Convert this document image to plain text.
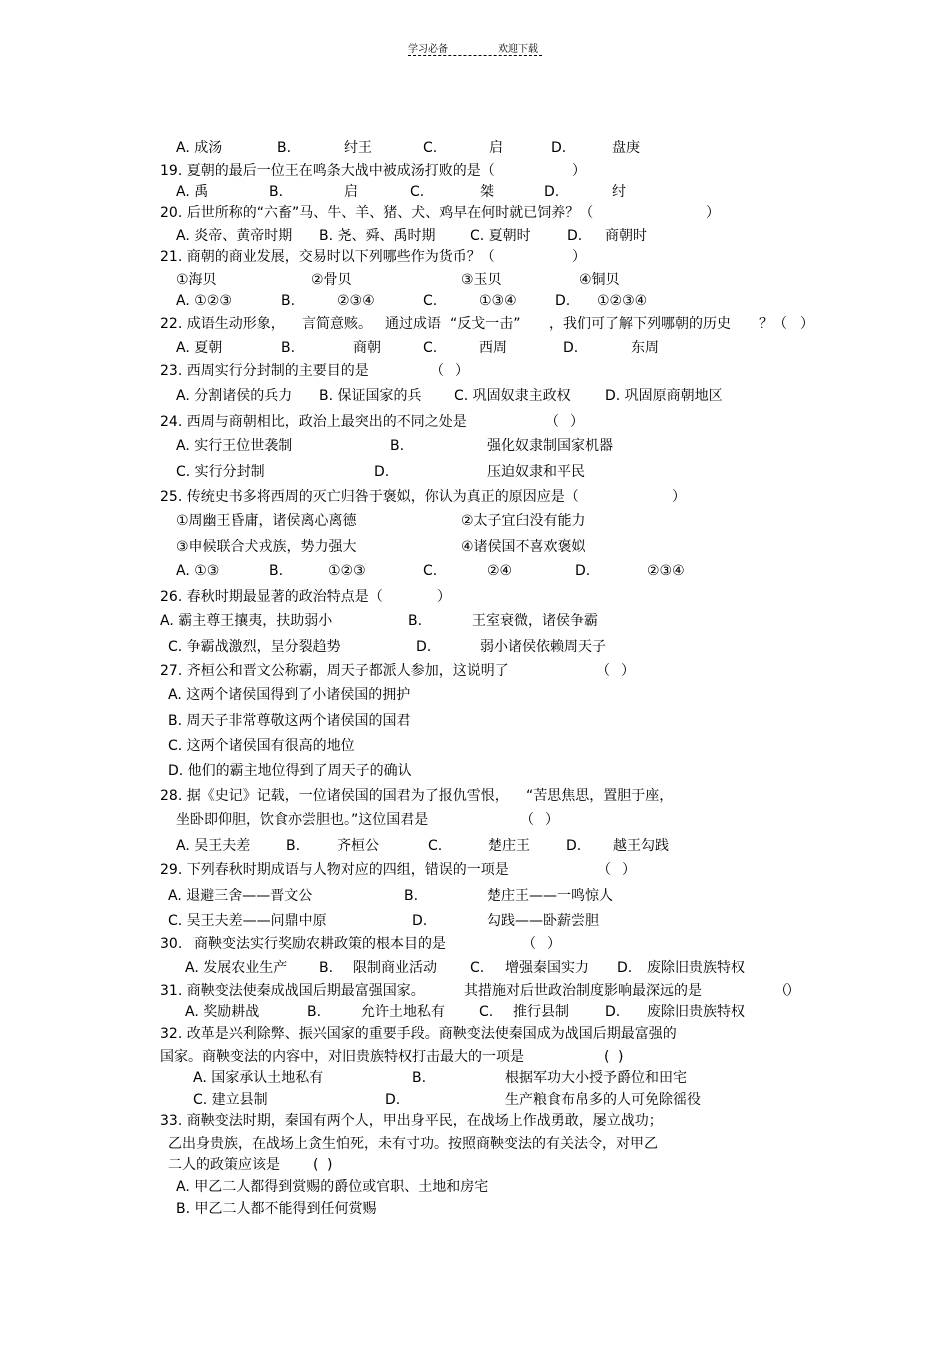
学习必备	欢迎下载
A. 成汤	B.	纣王	C.	启	D.	盘庚
19. 夏朝的最后一位王在鸣条大战中被成汤打败的是（	）
A. 禹	B.	启	C.	桀	D.	纣
20. 后世所称的“六畜”马、牛、羊、猪、犬、鸡早在何时就已饲养？（	）
A. 炎帝、黄帝时期 B. 尧、舜、禹时期 C. 夏朝时	D. 商朝时
21. 商朝的商业发展，交易时以下列哪些作为货币？（	）
①海贝	②骨贝	③玉贝	④铜贝
A. ①②③	B.	②③④	C.	①③④	D. ①②③④
22. 成语生动形象， 言简意赅。 通过成语 “反戈一击” ，我们可了解下列哪朝的历史 ？（ ）
A. 夏朝	B.	商朝	C.	西周	D.	东周
23. 西周实行分封制的主要目的是	（ ）
A. 分割诸侯的兵力 B. 保证国家的兵 C. 巩固奴隶主政权 D. 巩固原商朝地区
24. 西周与商朝相比，政治上最突出的不同之处是	（ ）
A. 实行王位世袭制	B.	强化奴隶制国家机器
C. 实行分封制	D.	压迫奴隶和平民
25. 传统史书多将西周的灭亡归咎于褒姒，你认为真正的原因应是（	）
①周幽王昏庸，诸侯离心离德	②太子宜臼没有能力
③申候联合犬戎族，势力强大	④诸侯国不喜欢褒姒
A. ①③	B.	①②③	C.	②④	D.	②③④
26. 春秋时期最显著的政治特点是（	）
A. 霸主尊王攘夷，扶助弱小	B.	王室衰微，诸侯争霸
C. 争霸战激烈，呈分裂趋势	D.	弱小诸侯依赖周天子
27. 齐桓公和晋文公称霸，周天子都派人参加，这说明了	（ ）
A. 这两个诸侯国得到了小诸侯国的拥护
B. 周天子非常尊敬这两个诸侯国的国君
C. 这两个诸侯国有很高的地位
D. 他们的霸主地位得到了周天子的确认
28. 据《史记》记载，一位诸侯国的国君为了报仇雪恨， “苦思焦思，置胆于座，
坐卧即仰胆，饮食亦尝胆也。”这位国君是	（ ）
A. 吴王夫差	B.	齐桓公	C.	楚庄王	D. 越王勾践
29. 下列春秋时期成语与人物对应的四组，错误的一项是	（ ）
A. 退避三舍——晋文公	B.	楚庄王——一鸣惊人
C. 吴王夫差——问鼎中原	D.	勾践——卧薪尝胆
30. 商鞅变法实行奖励农耕政策的根本目的是	（ ）
A. 发展农业生产 B. 限制商业活动 C. 增强秦国实力 D. 废除旧贵族特权
31. 商鞅变法使秦成战国后期最富强国家。	其措施对后世政治制度影响最深远的是	（
）
A. 奖励耕战	B.	允许土地私有 C. 推行县制	D. 废除旧贵族特权
32. 改革是兴利除弊、振兴国家的重要手段。商鞅变法使秦国成为战国后期最富强的
国家。商鞅变法的内容中，对旧贵族特权打击最大的一项是	( )
A. 国家承认土地私有	B.	根据军功大小授予爵位和田宅
C. 建立县制	D.	生产粮食布帛多的人可免除徭役
33. 商鞅变法时期，秦国有两个人，甲出身平民，在战场上作战勇敢，屡立战功；
乙出身贵族，在战场上贪生怕死，未有寸功。按照商鞅变法的有关法令，对甲乙
二人的政策应该是 ( )
A. 甲乙二人都得到赏赐的爵位或官职、土地和房宅
B. 甲乙二人都不能得到任何赏赐
